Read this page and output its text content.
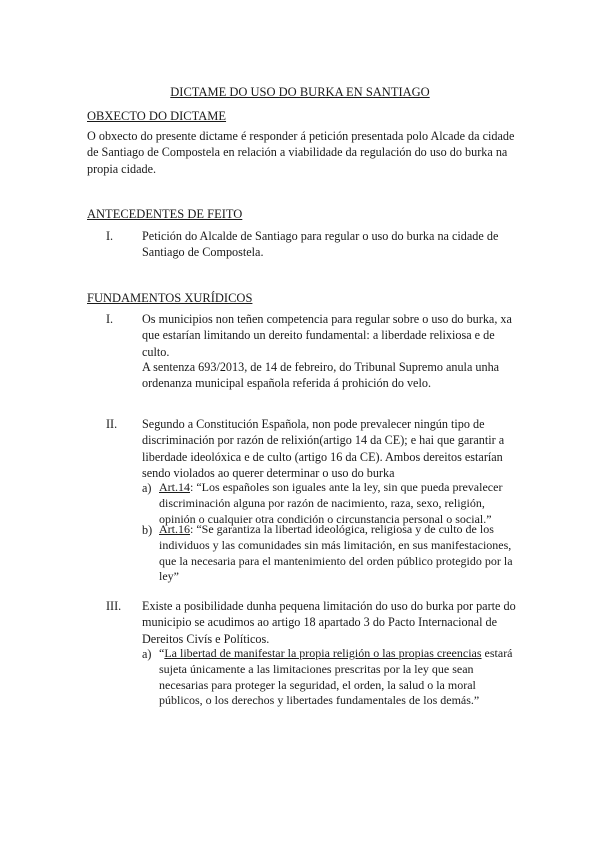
DICTAME DO USO DO BURKA EN SANTIAGO

OBXECTO DO DICTAME

O obxecto do presente dictame é responder á petición presentada polo Alcade da cidade de Santiago de Compostela en relación a viabilidade da regulación do uso do burka na propia cidade.

ANTECEDENTES DE FEITO

I. Petición do Alcalde de Santiago para regular o uso do burka na cidade de Santiago de Compostela.

FUNDAMENTOS XURÍDICOS

I. Os municipios non teñen competencia para regular sobre o uso do burka, xa que estarían limitando un dereito fundamental: a liberdade relixiosa e de culto.

A sentenza 693/2013, de 14 de febreiro, do Tribunal Supremo anula unha ordenanza municipal española referida á prohición do velo.

II. Segundo a Constitución Española, non pode prevalecer ningún tipo de discriminación por razón de relixión(artigo 14 da CE); e hai que garantir a liberdade ideolóxica e de culto (artigo 16 da CE). Ambos dereitos estarían sendo violados ao querer determinar o uso do burka

a) Art.14: “Los españoles son iguales ante la ley, sin que pueda prevalecer discriminación alguna por razón de nacimiento, raza, sexo, religión, opinión o cualquier otra condición o circunstancia personal o social.”

b) Art.16: “Se garantiza la libertad ideológica, religiosa y de culto de los individuos y las comunidades sin más limitación, en sus manifestaciones, que la necesaria para el mantenimiento del orden público protegido por la ley”

III. Existe a posibilidade dunha pequena limitación do uso do burka por parte do municipio se acudimos ao artigo 18 apartado 3 do Pacto Internacional de Dereitos Civís e Políticos.

a) “La libertad de manifestar la propia religión o las propias creencias estará sujeta únicamente a las limitaciones prescritas por la ley que sean necesarias para proteger la seguridad, el orden, la salud o la moral públicos, o los derechos y libertades fundamentales de los demás.”
